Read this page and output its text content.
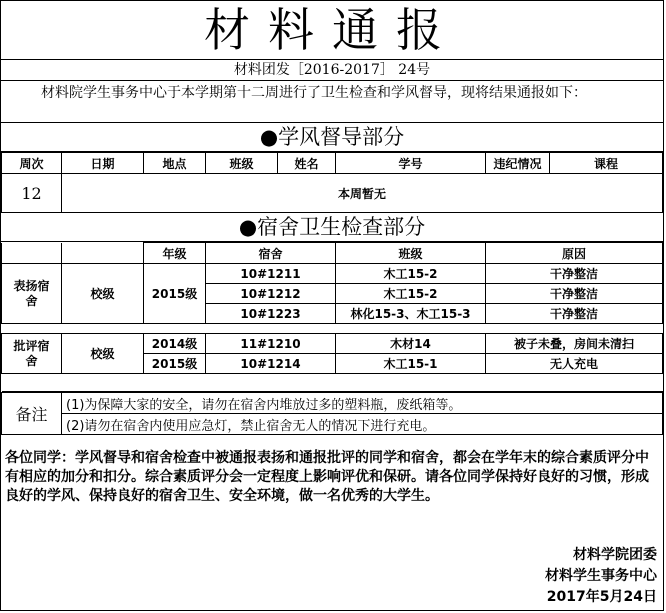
材料通报
材料团发［2016-2017］ 24号
材料院学生事务中心于本学期第十二周进行了卫生检查和学风督导，现将结果通报如下：
●学风督导部分
周次	日期	地点	班级	姓名	学号	违纪情况	课程
12	本周暂无						
●宿舍卫生检查部分
		年级	宿舍	班级	原因
表扬宿舍	校级	2015级	10#1211	木工15-2	干净整洁
			10#1212	木工15-2	干净整洁
			10#1223	林化15-3、木工15-3	干净整洁

批评宿舍	校级	2014级	11#1210	木材14	被子未叠，房间未清扫
		2015级	10#1214	木工15-1	无人充电

备注	(1)为保障大家的安全，请勿在宿舍内堆放过多的塑料瓶，废纸箱等。
(2)请勿在宿舍内使用应急灯，禁止宿舍无人的情况下进行充电。
各位同学：学风督导和宿舍检查中被通报表扬和通报批评的同学和宿舍，都会在学年末的综合素质评分中有相应的加分和扣分。综合素质评分会一定程度上影响评优和保研。请各位同学保持好良好的习惯，形成良好的学风、保持良好的宿舍卫生、安全环境，做一名优秀的大学生。
材料学院团委
材料学生事务中心
2017年5月24日
